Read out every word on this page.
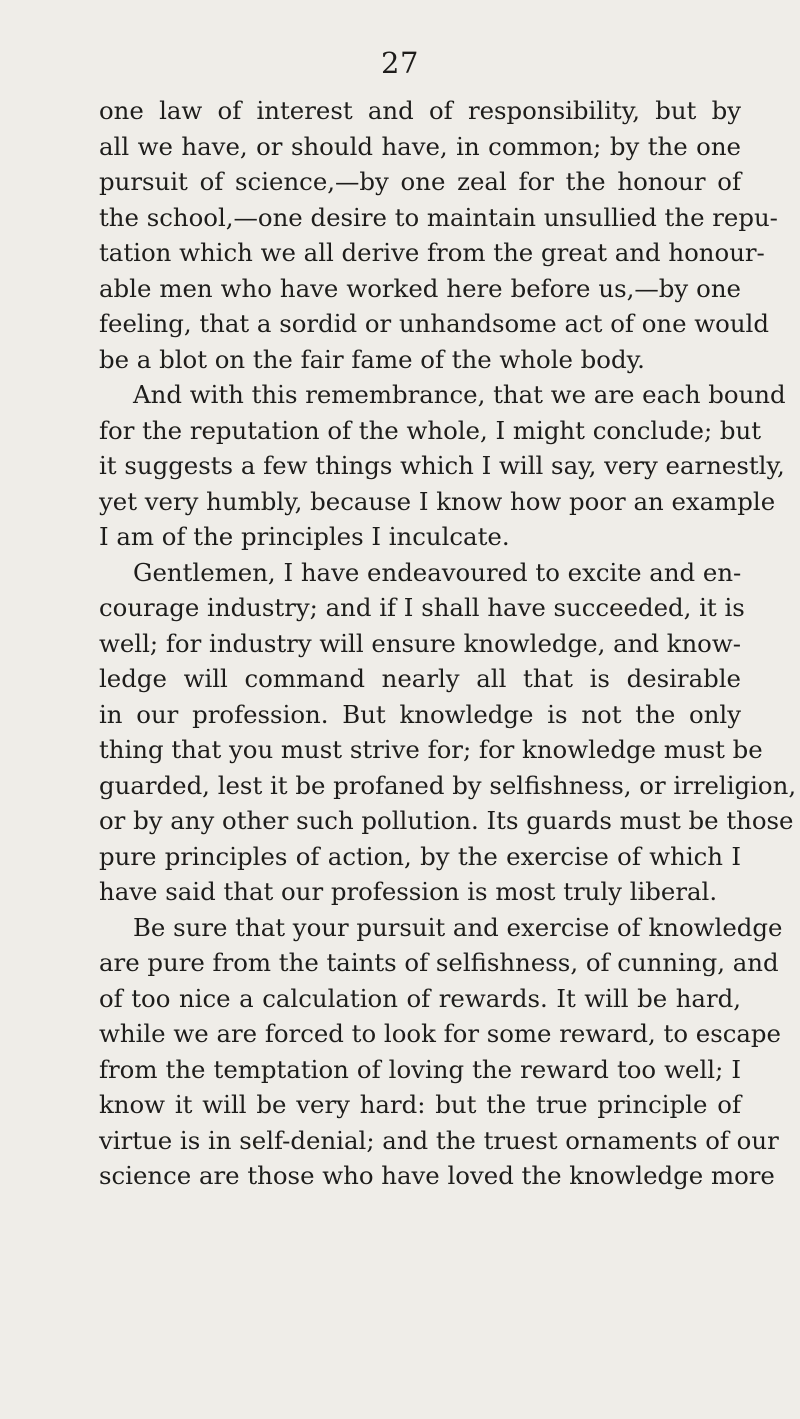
27
one law of interest and of responsibility, but by
all we have, or should have, in common; by the one
pursuit of science,—by one zeal for the honour of
the school,—one desire to maintain unsullied the repu-
tation which we all derive from the great and honour-
able men who have worked here before us,—by one
feeling, that a sordid or unhandsome act of one would
be a blot on the fair fame of the whole body.
And with this remembrance, that we are each bound
for the reputation of the whole, I might conclude; but
it suggests a few things which I will say, very earnestly,
yet very humbly, because I know how poor an example
I am of the principles I inculcate.
Gentlemen, I have endeavoured to excite and en-
courage industry; and if I shall have succeeded, it is
well; for industry will ensure knowledge, and know-
ledge will command nearly all that is desirable
in our profession. But knowledge is not the only
thing that you must strive for; for knowledge must be
guarded, lest it be profaned by selfishness, or irreligion,
or by any other such pollution. Its guards must be those
pure principles of action, by the exercise of which I
have said that our profession is most truly liberal.
Be sure that your pursuit and exercise of knowledge
are pure from the taints of selfishness, of cunning, and
of too nice a calculation of rewards. It will be hard,
while we are forced to look for some reward, to escape
from the temptation of loving the reward too well; I
know it will be very hard: but the true principle of
virtue is in self-denial; and the truest ornaments of our
science are those who have loved the knowledge more
